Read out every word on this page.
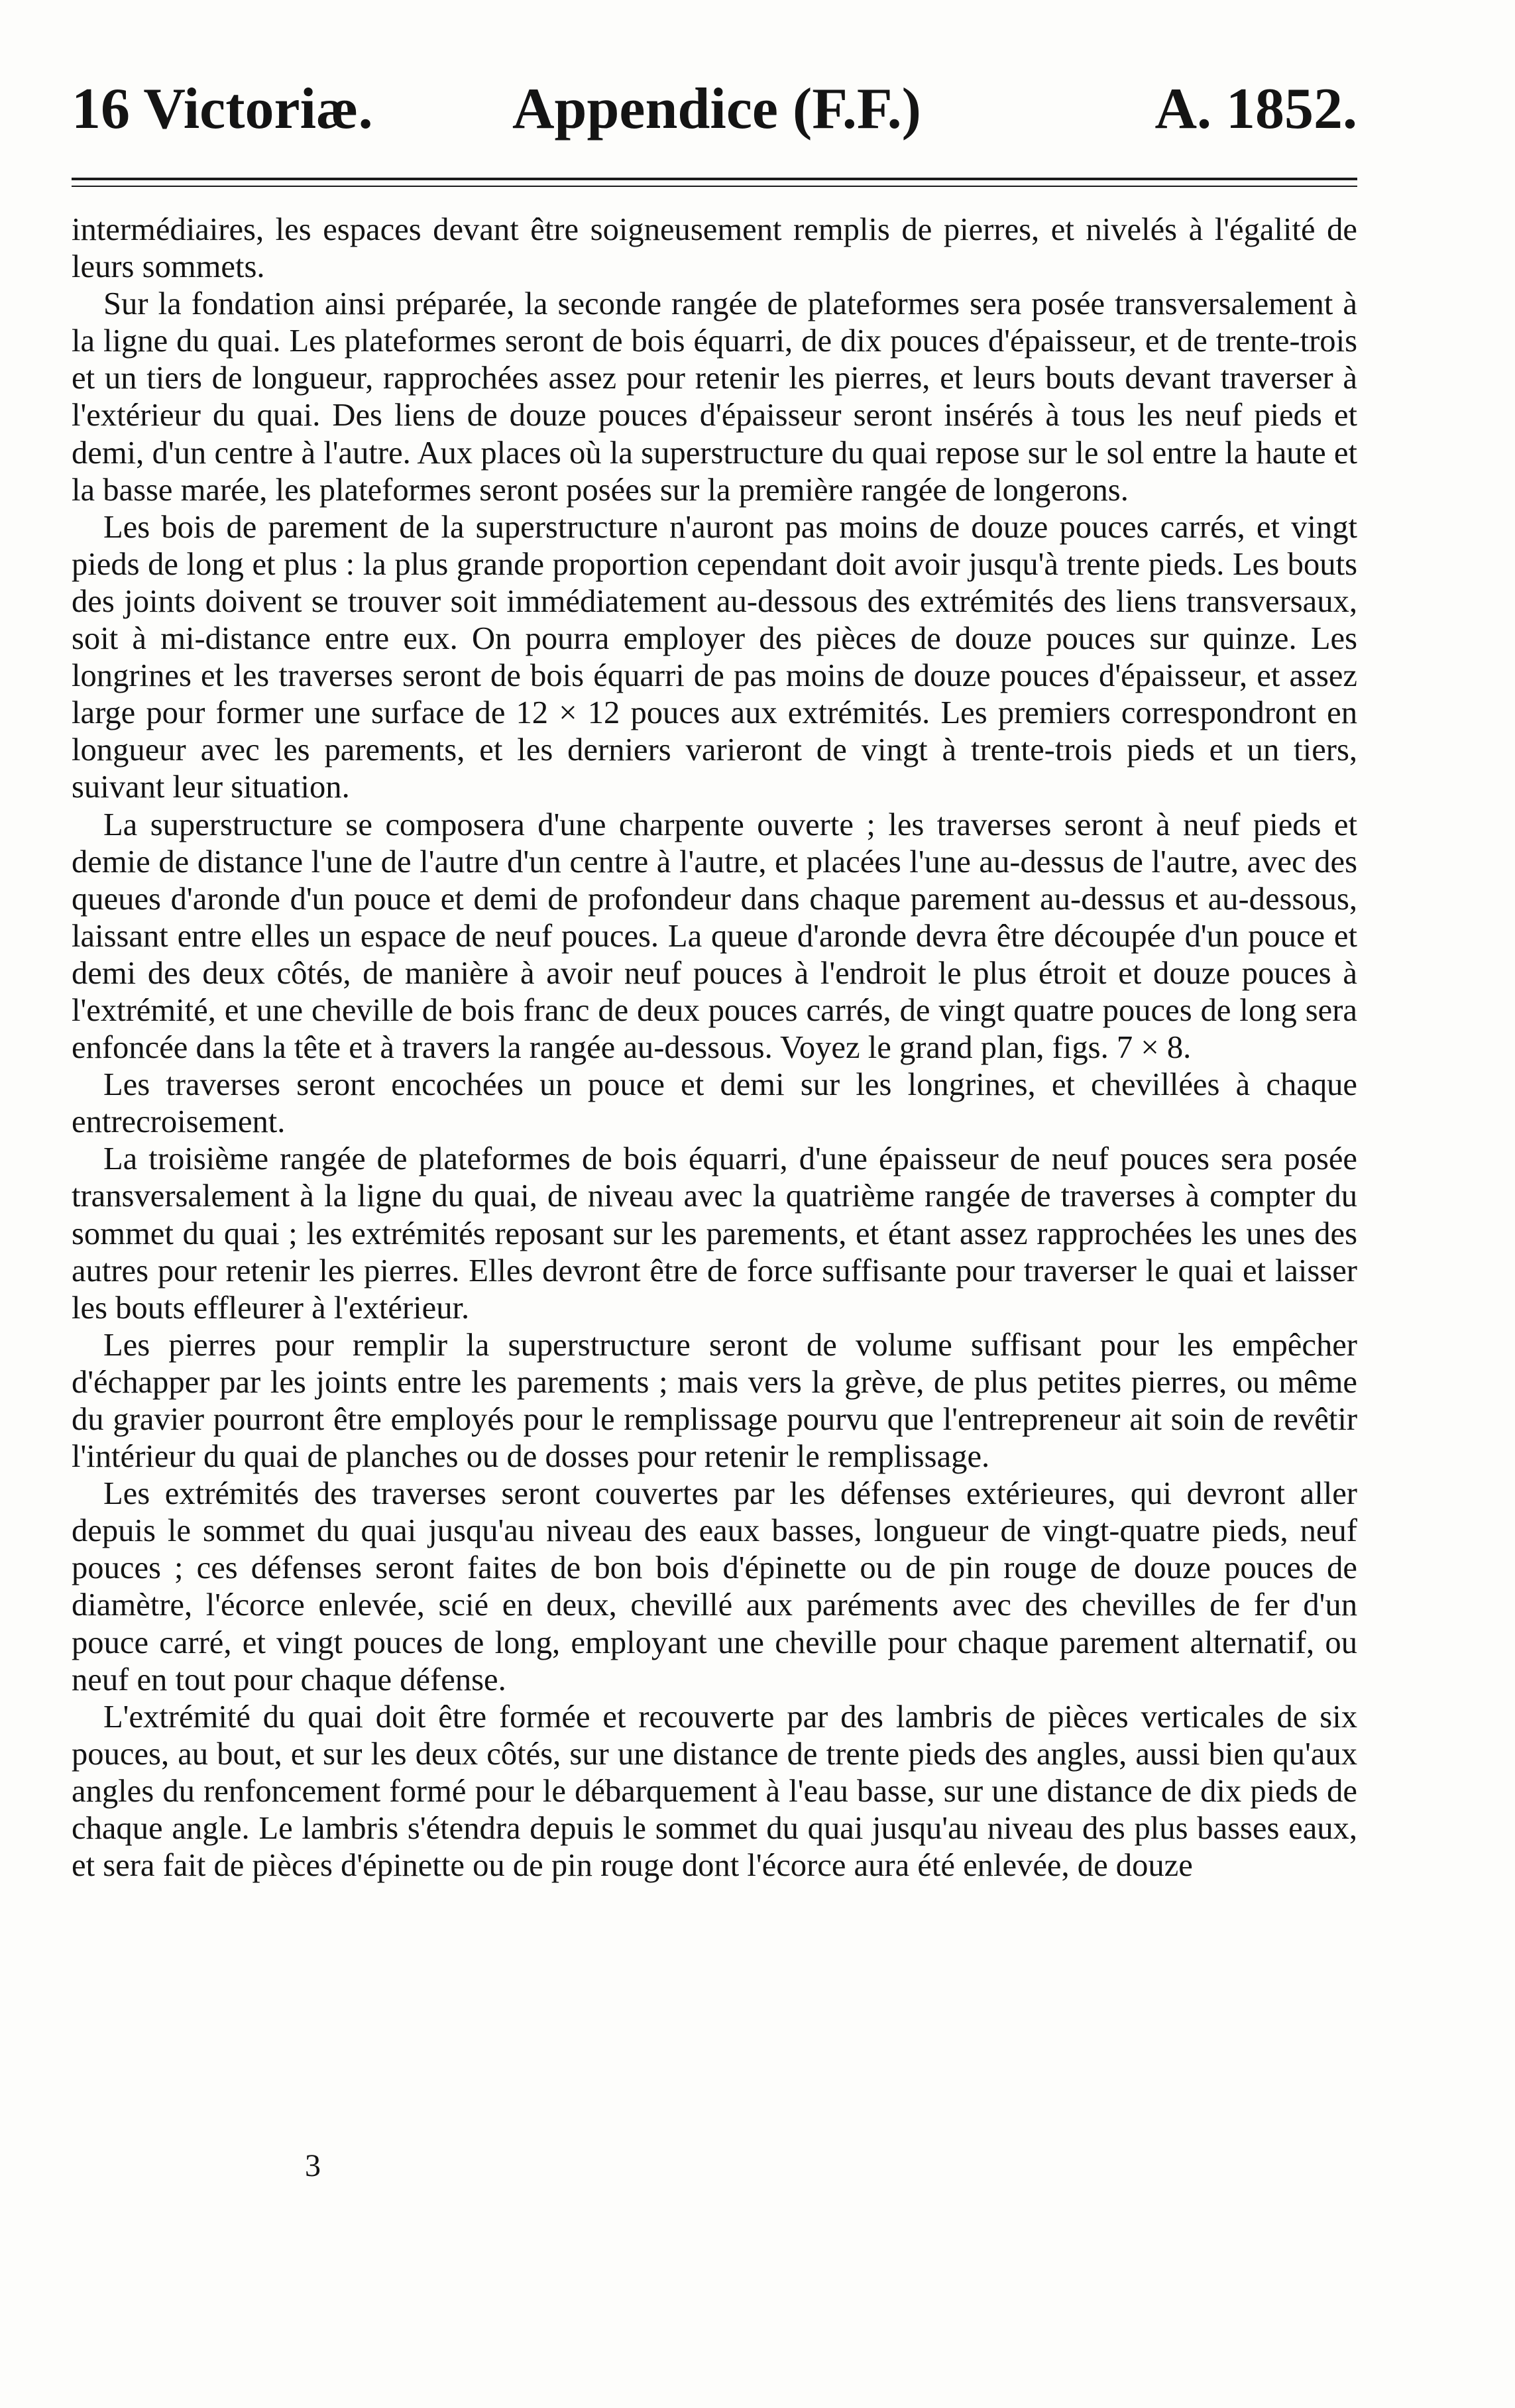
16 Victoriæ. Appendice (F.F.)	A. 1852.

intermédiaires, les espaces devant être soigneusement remplis de pierres, et nivelés à l'égalité de leurs sommets.

Sur la fondation ainsi préparée, la seconde rangée de plateformes sera posée transversalement à la ligne du quai. Les plateformes seront de bois équarri, de dix pouces d'épaisseur, et de trente-trois et un tiers de longueur, rapprochées assez pour retenir les pierres, et leurs bouts devant traverser à l'extérieur du quai. Des liens de douze pouces d'épaisseur seront insérés à tous les neuf pieds et demi, d'un centre à l'autre. Aux places où la superstructure du quai repose sur le sol entre la haute et la basse marée, les plateformes seront posées sur la première rangée de longerons.

Les bois de parement de la superstructure n'auront pas moins de douze pouces carrés, et vingt pieds de long et plus : la plus grande proportion cependant doit avoir jusqu'à trente pieds. Les bouts des joints doivent se trouver soit immédiatement au-dessous des extrémités des liens transversaux, soit à mi-distance entre eux. On pourra employer des pièces de douze pouces sur quinze. Les longrines et les traverses seront de bois équarri de pas moins de douze pouces d'épaisseur, et assez large pour former une surface de 12 × 12 pouces aux extrémités. Les premiers correspondront en longueur avec les parements, et les derniers varieront de vingt à trente-trois pieds et un tiers, suivant leur situation.

La superstructure se composera d'une charpente ouverte ; les traverses seront à neuf pieds et demie de distance l'une de l'autre d'un centre à l'autre, et placées l'une au-dessus de l'autre, avec des queues d'aronde d'un pouce et demi de profondeur dans chaque parement au-dessus et au-dessous, laissant entre elles un espace de neuf pouces. La queue d'aronde devra être découpée d'un pouce et demi des deux côtés, de manière à avoir neuf pouces à l'endroit le plus étroit et douze pouces à l'extrémité, et une cheville de bois franc de deux pouces carrés, de vingt quatre pouces de long sera enfoncée dans la tête et à travers la rangée au-dessous. Voyez le grand plan, figs. 7 × 8.

Les traverses seront encochées un pouce et demi sur les longrines, et chevillées à chaque entrecroisement.

La troisième rangée de plateformes de bois équarri, d'une épaisseur de neuf pouces sera posée transversalement à la ligne du quai, de niveau avec la quatrième rangée de traverses à compter du sommet du quai ; les extrémités reposant sur les parements, et étant assez rapprochées les unes des autres pour retenir les pierres. Elles devront être de force suffisante pour traverser le quai et laisser les bouts effleurer à l'extérieur.

Les pierres pour remplir la superstructure seront de volume suffisant pour les empêcher d'échapper par les joints entre les parements ; mais vers la grève, de plus petites pierres, ou même du gravier pourront être employés pour le remplissage pourvu que l'entrepreneur ait soin de revêtir l'intérieur du quai de planches ou de dosses pour retenir le remplissage.

Les extrémités des traverses seront couvertes par les défenses extérieures, qui devront aller depuis le sommet du quai jusqu'au niveau des eaux basses, longueur de vingt-quatre pieds, neuf pouces ; ces défenses seront faites de bon bois d'épinette ou de pin rouge de douze pouces de diamètre, l'écorce enlevée, scié en deux, chevillé aux paréments avec des chevilles de fer d'un pouce carré, et vingt pouces de long, employant une cheville pour chaque parement alternatif, ou neuf en tout pour chaque défense.

L'extrémité du quai doit être formée et recouverte par des lambris de pièces verticales de six pouces, au bout, et sur les deux côtés, sur une distance de trente pieds des angles, aussi bien qu'aux angles du renfoncement formé pour le débarquement à l'eau basse, sur une distance de dix pieds de chaque angle. Le lambris s'étendra depuis le sommet du quai jusqu'au niveau des plus basses eaux, et sera fait de pièces d'épinette ou de pin rouge dont l'écorce aura été enlevée, de douze

3
